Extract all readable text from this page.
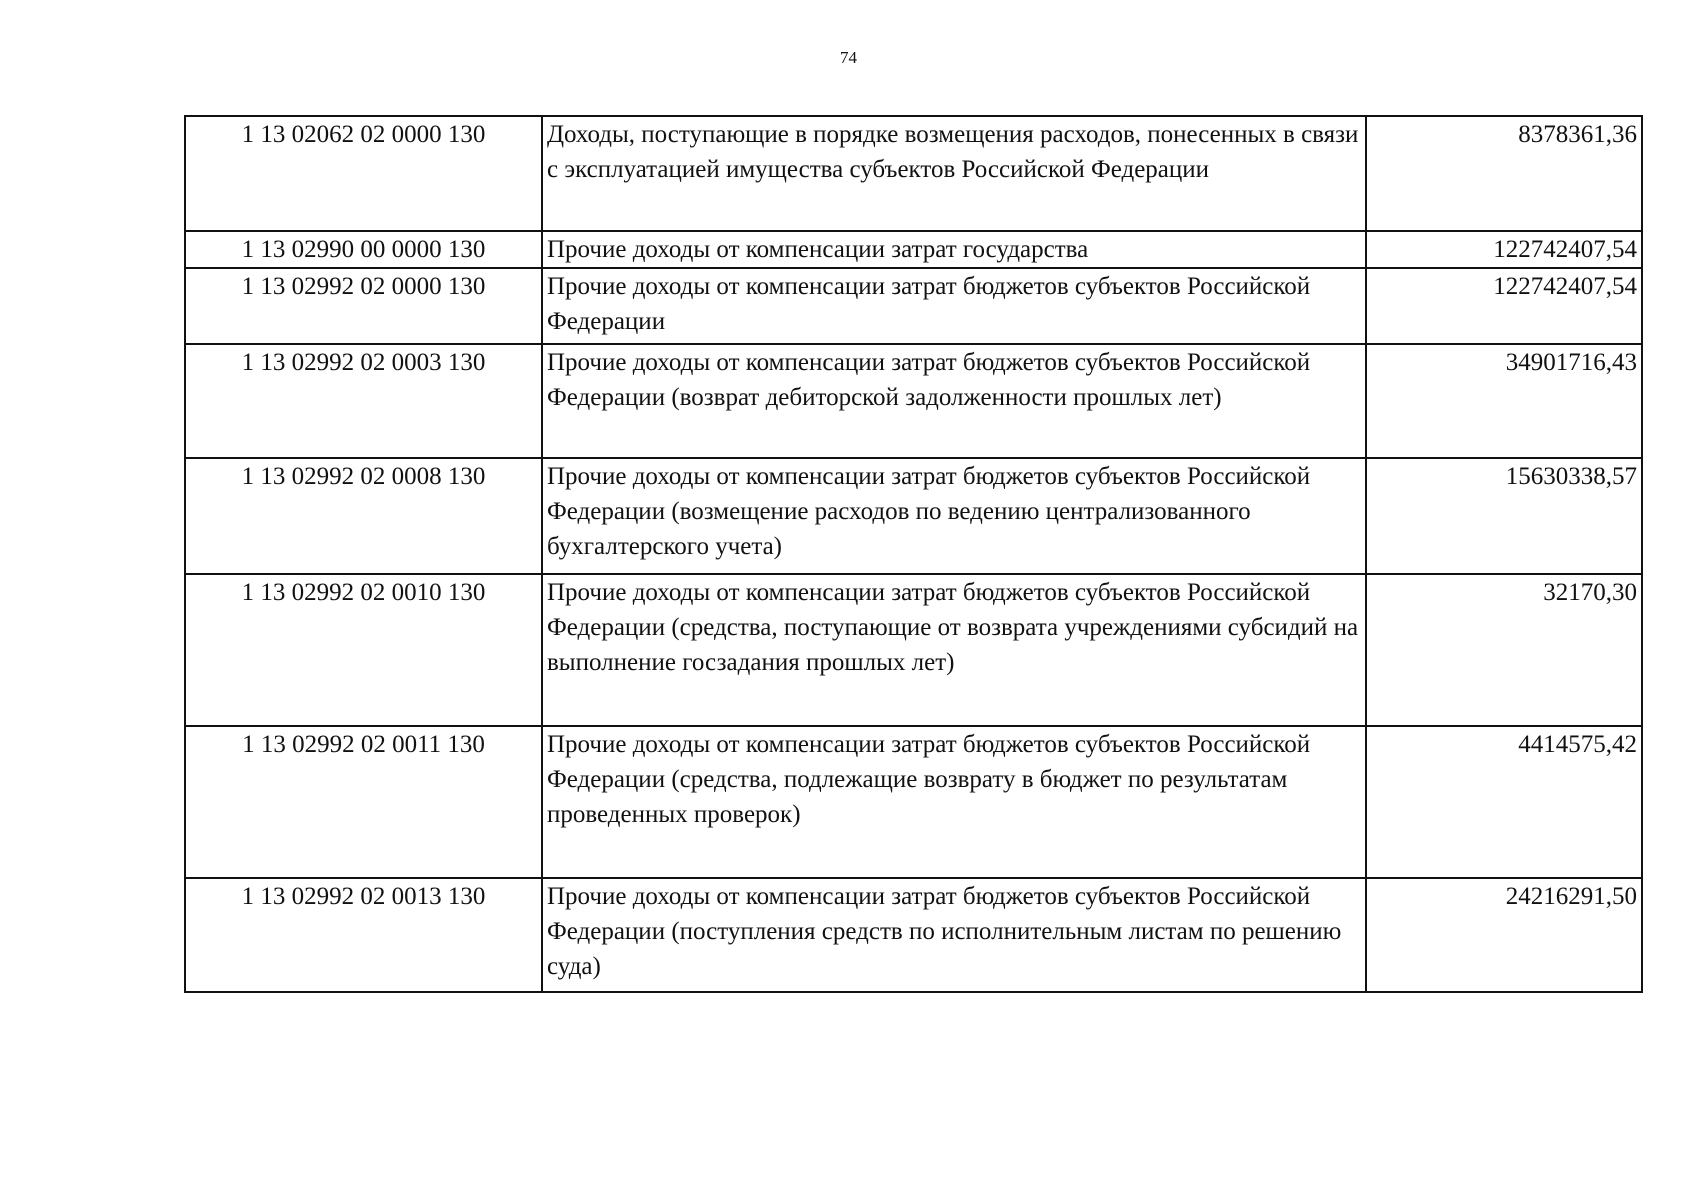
74
1 13 02062 02 0000 130	Доходы, поступающие в порядке возмещения расходов, понесенных в связи с эксплуатацией имущества субъектов Российской Федерации	8378361,36
1 13 02990 00 0000 130	Прочие доходы от компенсации затрат государства	122742407,54
1 13 02992 02 0000 130	Прочие доходы от компенсации затрат бюджетов субъектов Российской Федерации	122742407,54
1 13 02992 02 0003 130	Прочие доходы от компенсации затрат бюджетов субъектов Российской Федерации (возврат дебиторской задолженности прошлых лет)	34901716,43
1 13 02992 02 0008 130	Прочие доходы от компенсации затрат бюджетов субъектов Российской Федерации (возмещение расходов по ведению централизованного бухгалтерского учета)	15630338,57
1 13 02992 02 0010 130	Прочие доходы от компенсации затрат бюджетов субъектов Российской Федерации (средства, поступающие от возврата учреждениями субсидий на выполнение госзадания прошлых лет)	32170,30
1 13 02992 02 0011 130	Прочие доходы от компенсации затрат бюджетов субъектов Российской Федерации (средства, подлежащие возврату в бюджет по результатам проведенных проверок)	4414575,42
1 13 02992 02 0013 130	Прочие доходы от компенсации затрат бюджетов субъектов Российской Федерации (поступления средств по исполнительным листам по решению суда)	24216291,50
